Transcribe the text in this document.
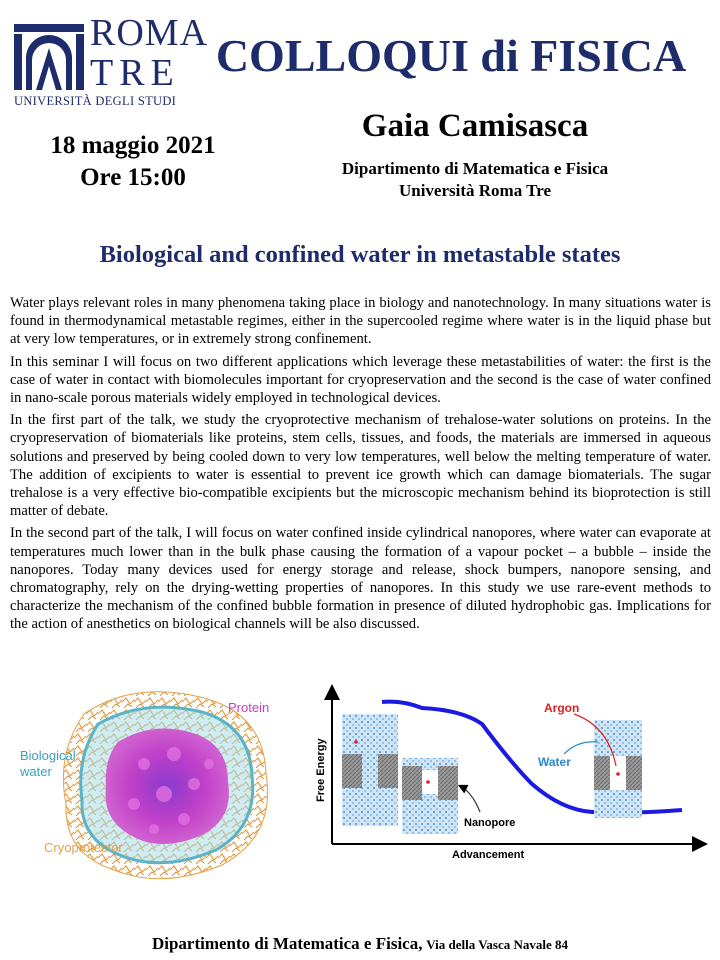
ROMA
TRE
UNIVERSITÀ DEGLI STUDI
COLLOQUI di FISICA
Gaia Camisasca
Dipartimento di Matematica e Fisica
Università Roma Tre
18 maggio 2021
Ore 15:00
Biological and confined water in metastable states

Water plays relevant roles in many phenomena taking place in biology and nanotechnology. In many situations water is found in thermodynamical metastable regimes, either in the supercooled regime where water is in the liquid phase but at very low temperatures, or in extremely strong confinement.

In this seminar I will focus on two different applications which leverage these metastabilities of water: the first is the case of water in contact with biomolecules important for cryopreservation and the second is the case of water confined in nano-scale porous materials widely employed in technological devices.

In the first part of the talk, we study the cryoprotective mechanism of trehalose-water solutions on proteins. In the cryopreservation of biomaterials like proteins, stem cells, tissues, and foods, the materials are immersed in aqueous solutions and preserved by being cooled down to very low temperatures, well below the melting temperature of water. The addition of excipients to water is essential to prevent ice growth which can damage biomaterials. The sugar trehalose is a very effective bio-compatible excipients but the microscopic mechanism behind its bioprotection is still matter of debate.

In the second part of the talk, I will focus on water confined inside cylindrical nanopores, where water can evaporate at temperatures much lower than in the bulk phase causing the formation of a vapour pocket – a bubble – inside the nanopores. Today many devices used for energy storage and release, shock bumpers, nanopore sensing, and chromatography, rely on the drying-wetting properties of nanopores. In this study we use rare-event methods to characterize the mechanism of the confined bubble formation in presence of diluted hydrophobic gas. Implications for the action of anesthetics on biological channels will be also discussed.

Protein
Biological
water
Cryoprotector
Free Energy
Advancement
Nanopore
Argon
Water
Dipartimento di Matematica e Fisica, Via della Vasca Navale 84
